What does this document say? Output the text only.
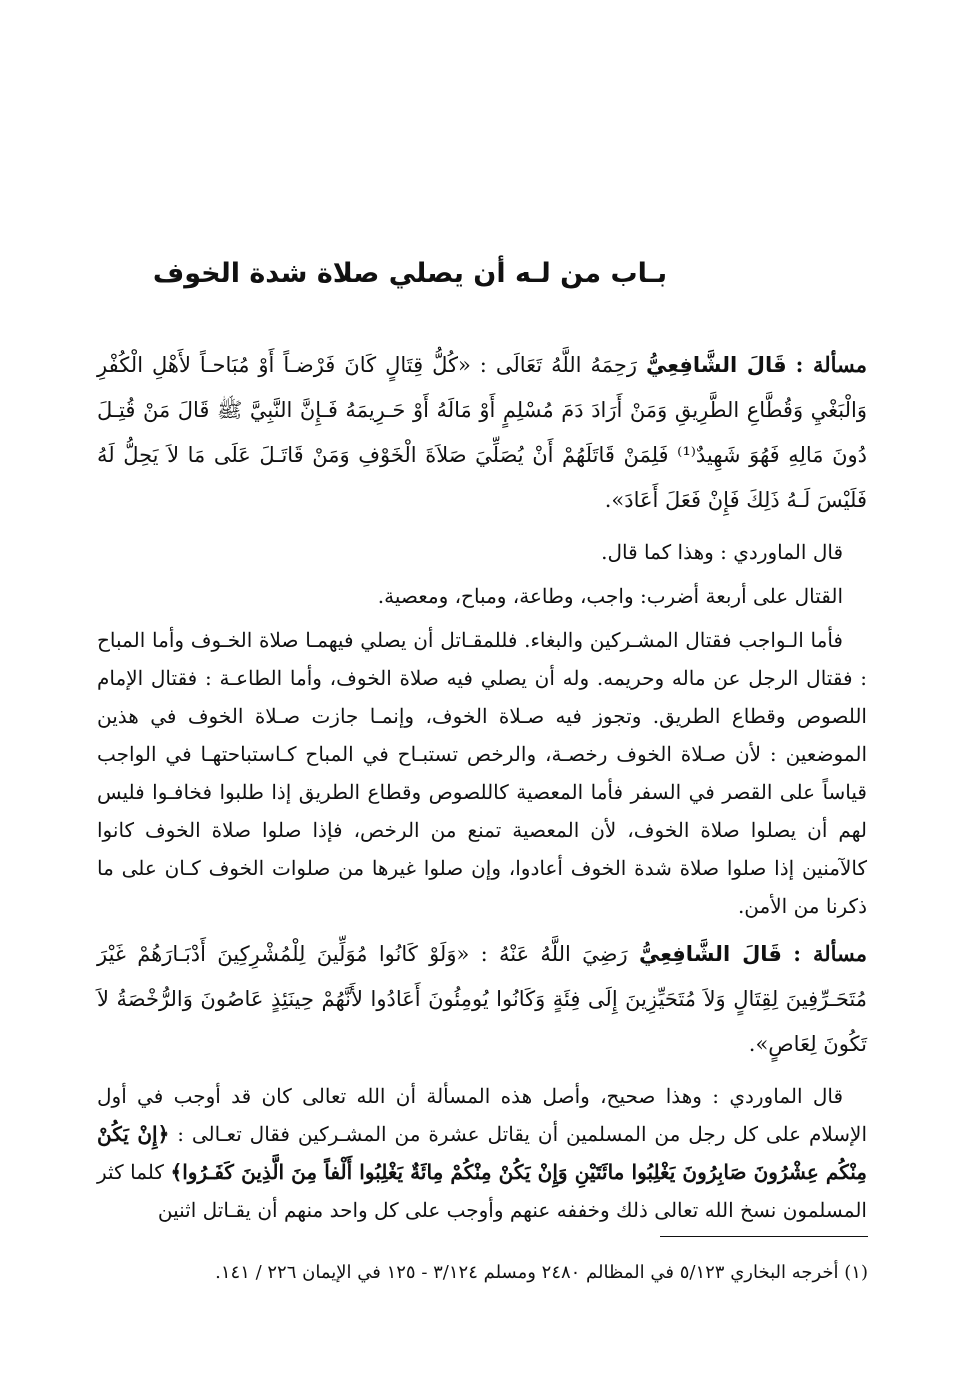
بـاب من لـه أن يصلي صلاة شدة الخوف

مسألة : قَالَ الشَّافِعِيُّ رَحِمَهُ اللَّهُ تَعَالَى : «كُلُّ قِتَالٍ كَانَ فَرْضـاً أَوْ مُبَاحـاً لأَهْلِ الْكُفْرِ وَالْبَغْيِ وَقُطَّاعِ الطَّرِيقِ وَمَنْ أَرَادَ دَمَ مُسْلِمٍ أَوْ مَالَهُ أَوْ حَـرِيمَهُ فَـإِنَّ النَّبِيَّ ﷺ قَالَ مَنْ قُتِـلَ دُونَ مَالِهِ فَهُوَ شَهِيدٌ⁽¹⁾ فَلِمَنْ قَاتَلَهُمْ أَنْ يُصَلِّيَ صَلاَةَ الْخَوْفِ وَمَنْ قَاتَـلَ عَلَى مَا لاَ يَحِلُّ لَهُ فَلَيْسَ لَـهُ ذَلِكَ فَإِنْ فَعَلَ أَعَادَ».

قال الماوردي : وهذا كما قال.

القتال على أربعة أضرب: واجب، وطاعة، ومباح، ومعصية.

فأما الـواجب فقتال المشـركين والبغاء. فللمقـاتل أن يصلي فيهمـا صلاة الخـوف وأما المباح : فقتال الرجل عن ماله وحريمه. وله أن يصلي فيه صلاة الخوف، وأما الطاعـة : فقتال الإمام اللصوص وقطاع الطريق. وتجوز فيه صـلاة الخوف، وإنمـا جازت صـلاة الخوف في هذين الموضعين : لأن صـلاة الخوف رخصـة، والرخص تستبـاح في المباح كـاستباحتهـا في الواجب قياساً على القصر في السفر فأما المعصية كاللصوص وقطاع الطريق إذا طلبوا فخافـوا فليس لهم أن يصلوا صلاة الخوف، لأن المعصية تمنع من الرخص، فإذا صلوا صلاة الخوف كانوا كالآمنين إذا صلوا صلاة شدة الخوف أعادوا، وإن صلوا غيرها من صلوات الخوف كـان على ما ذكرنا من الأمن.

مسألة : قَالَ الشَّافِعِيُّ رَضِيَ اللَّهُ عَنْهُ : «وَلَوْ كَانُوا مُوَلِّينَ لِلْمُشْرِكِينَ أَدْبَـارَهُمْ غَيْرَ مُتَحَـرِّفِينَ لِقِتَالٍ وَلاَ مُتَحَيِّزِينَ إِلَى فِئَةٍ وَكَانُوا يُومِئُونَ أَعَادُوا لأَنَّهُمْ حِينَئِذٍ عَاصُونَ وَالرُّخْصَةُ لاَ تَكُونَ لِعَاصٍ».

قال الماوردي : وهذا صحيح، وأصل هذه المسألة أن الله تعالى كان قد أوجب في أول الإسلام على كل رجل من المسلمين أن يقاتل عشرة من المشـركين فقال تعـالى : ﴿إِنْ يَكُنْ مِنْكُم عِشْرُونَ صَابِرُونَ يَغْلِبُوا مائَتَيْنِ وَإِنْ يَكُنْ مِنْكُمْ مِائَةٌ يَغْلِبُوا أَلْفاً مِنَ الَّذِينَ كَفَـرُوا﴾ كلما كثر المسلمون نسخ الله تعالى ذلك وخففه عنهم وأوجب على كل واحد منهم أن يقـاتل اثنين

(١) أخرجه البخاري ٥/١٢٣ في المظالم ٢٤٨٠ ومسلم ٣/١٢٤ - ١٢٥ في الإيمان ٢٢٦ / ١٤١.
